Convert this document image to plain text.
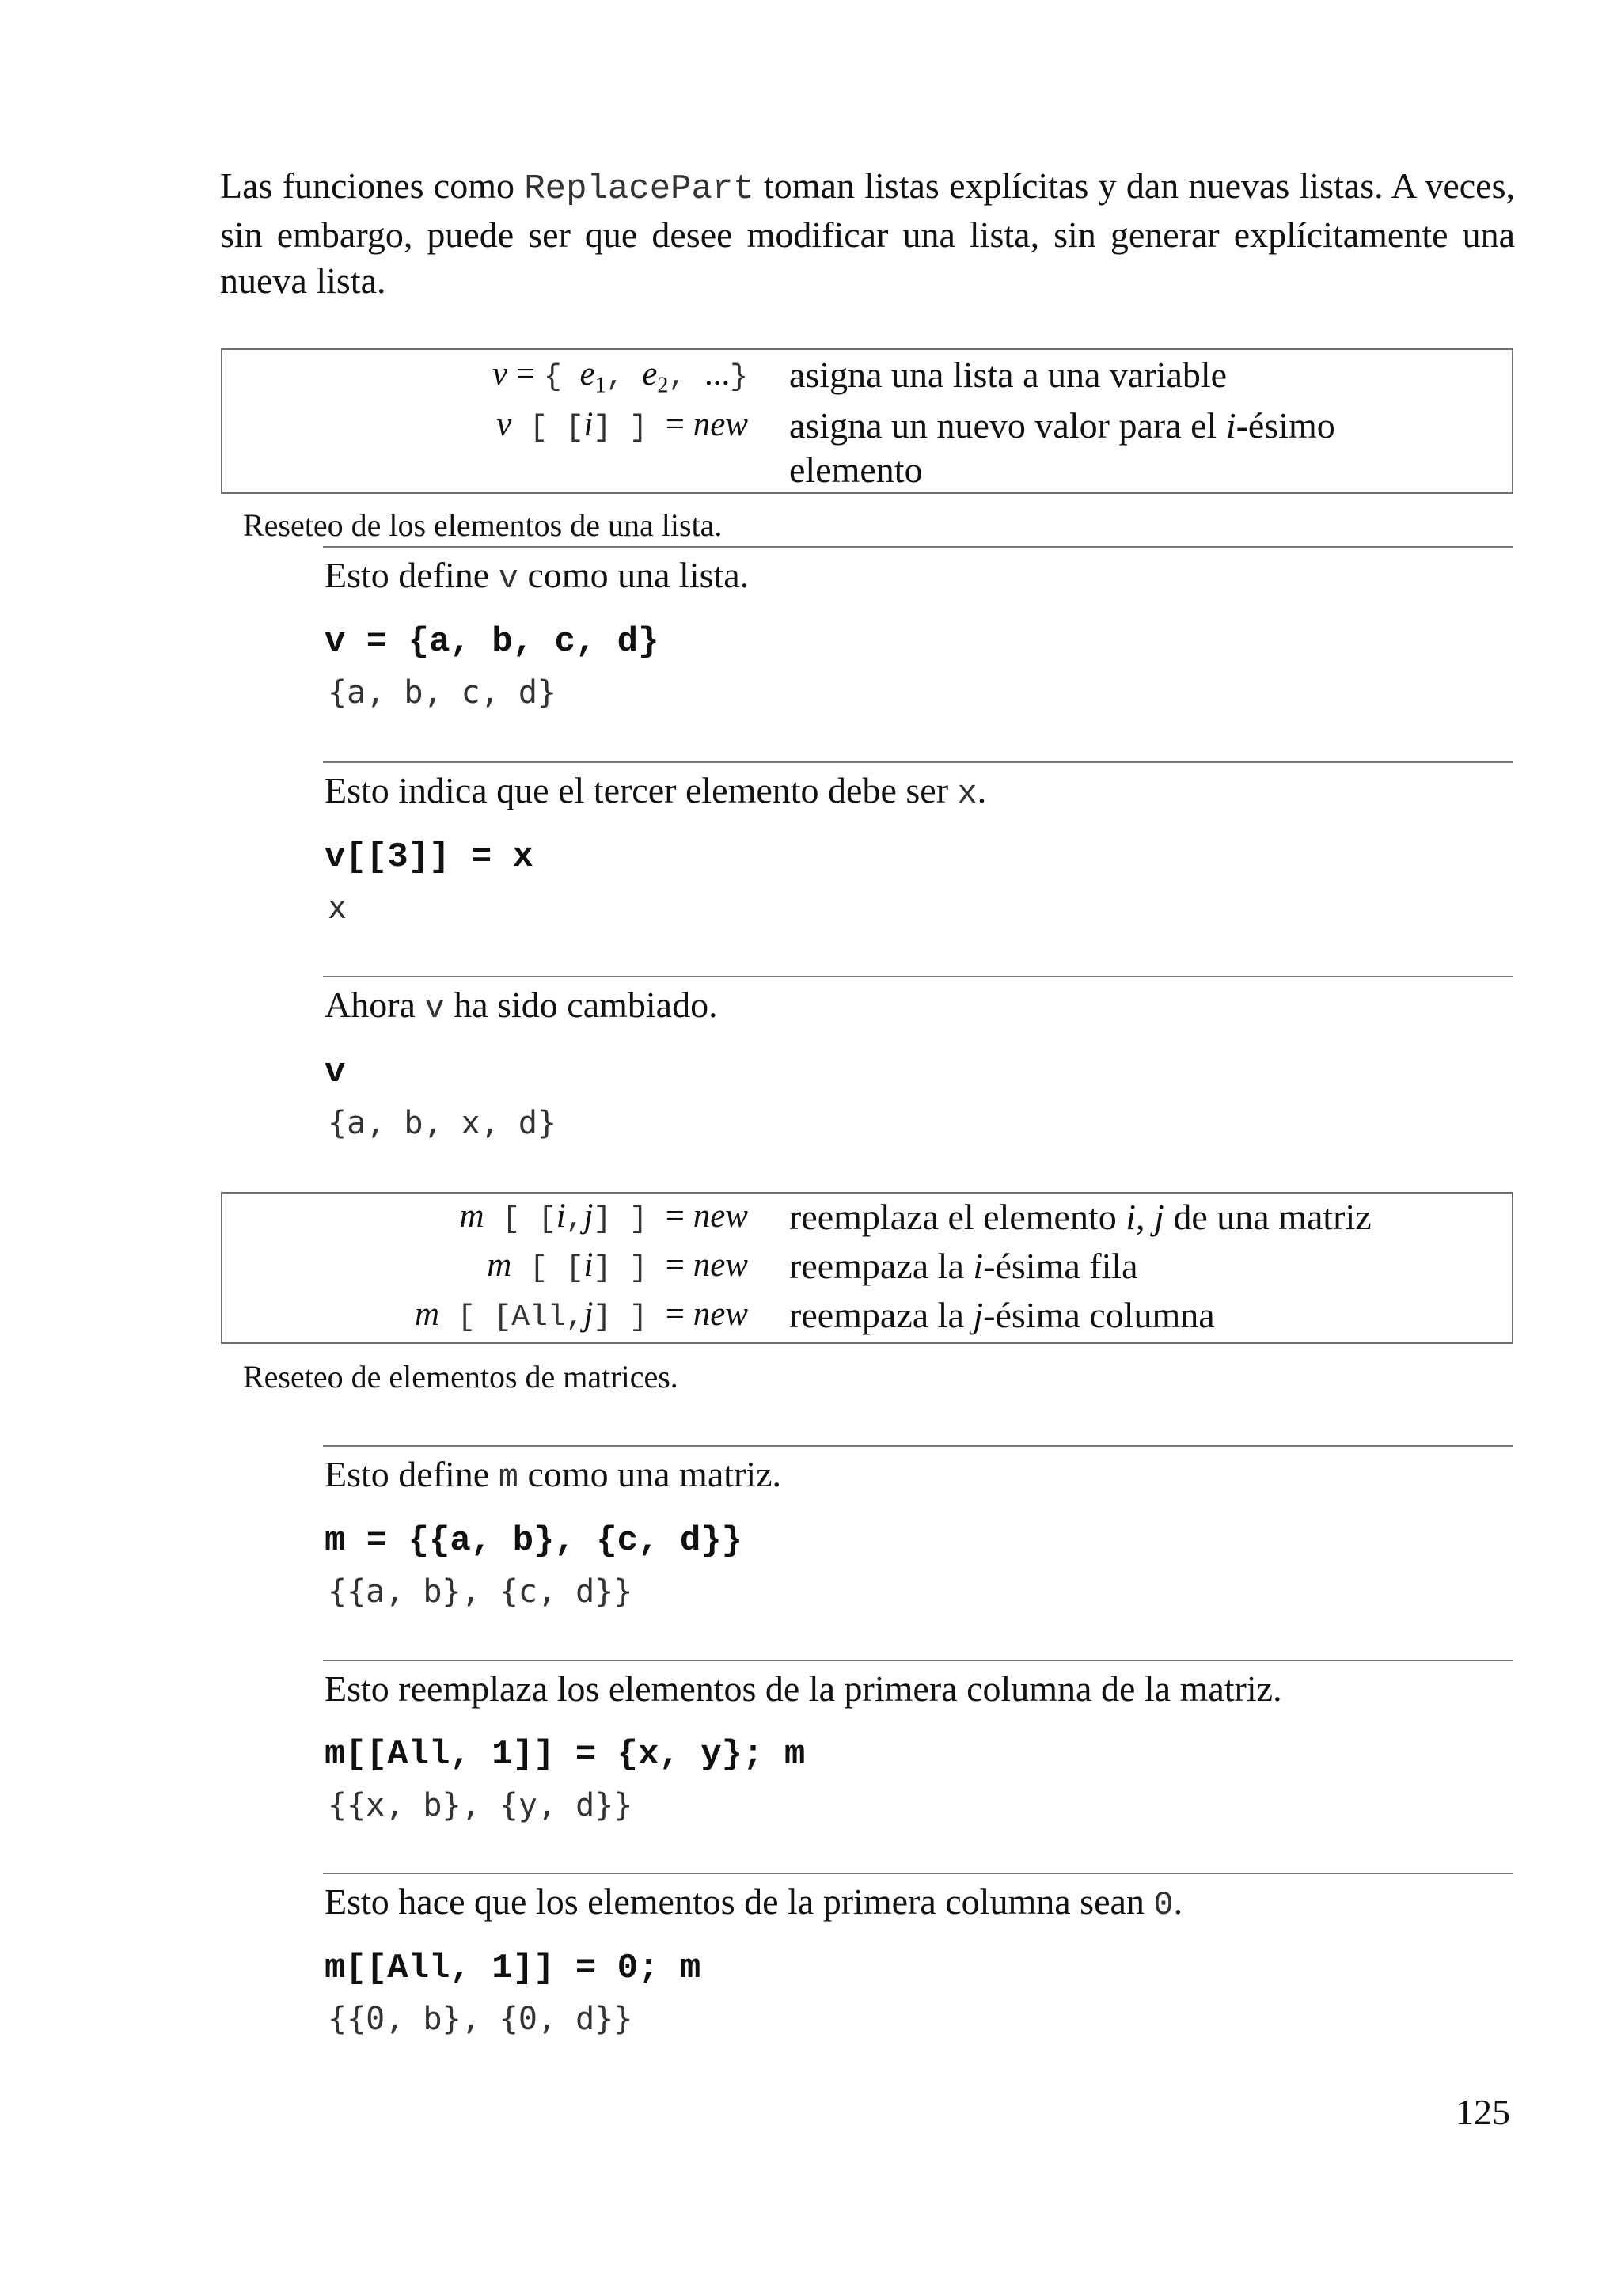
Las funciones como ReplacePart toman listas explícitas y dan nuevas listas. A veces, sin embargo, puede ser que desee modificar una lista, sin generar explícitamente una nueva lista.

v = { $e_1$, $e_2$, ...} asigna una lista a una variable
v [ [i] ] = new asigna un nuevo valor para el i-ésimo elemento
Reseteo de los elementos de una lista.
Esto define v como una lista.
v = {a, b, c, d}
{a, b, c, d}
Esto indica que el tercer elemento debe ser x.
v[[3]] = x
x
Ahora v ha sido cambiado.
v
{a, b, x, d}
m [ [i,j] ] = new reemplaza el elemento i, j de una matriz
m [ [i] ] = new reempaza la i-ésima fila
m [ [All,j] ] = new reempaza la j-ésima columna
Reseteo de elementos de matrices.
Esto define m como una matriz.
m = {{a, b}, {c, d}}
{{a, b}, {c, d}}
Esto reemplaza los elementos de la primera columna de la matriz.
m[[All, 1]] = {x, y}; m
{{x, b}, {y, d}}
Esto hace que los elementos de la primera columna sean 0.
m[[All, 1]] = 0; m
{{0, b}, {0, d}}
125
